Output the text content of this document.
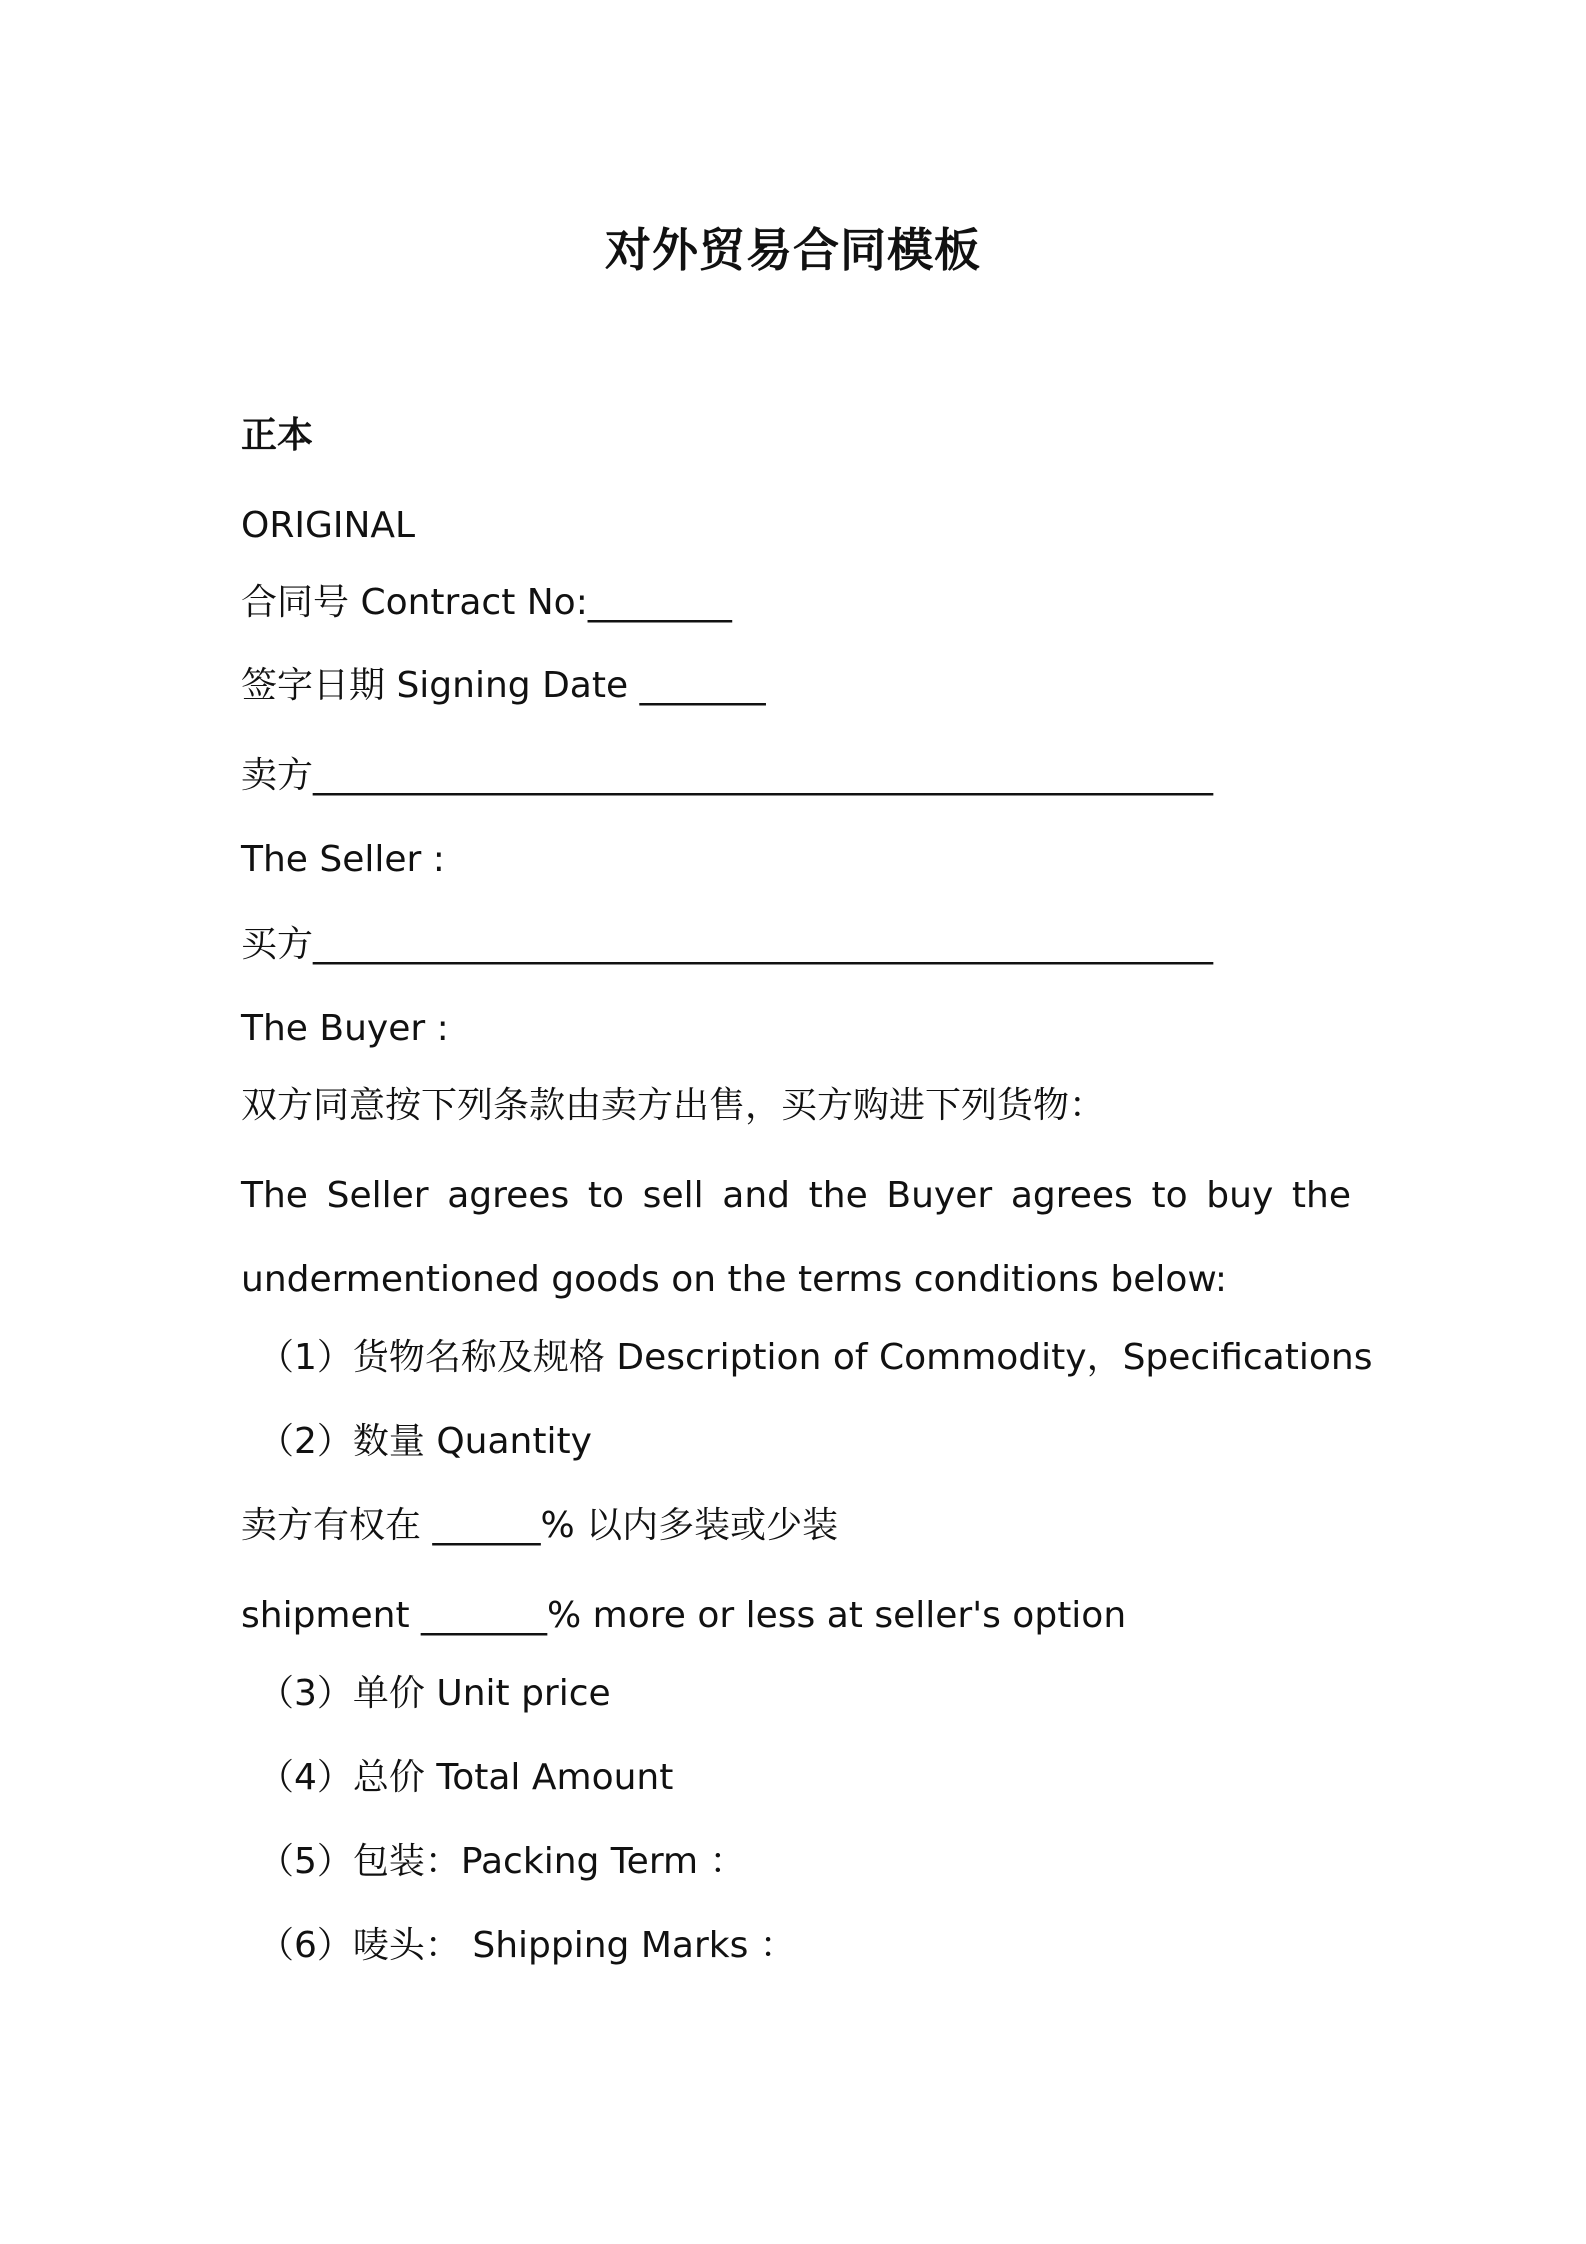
对外贸易合同模板
正本
ORIGINAL
合同号 Contract No:________
签字日期 Signing Date _______
卖方__________________________________________________
The Seller :
买方__________________________________________________
The Buyer :
双方同意按下列条款由卖方出售，买方购进下列货物：
The Seller agrees to sell and the Buyer agrees to buy the
undermentioned goods on the terms conditions below:
（1）货物名称及规格 Description of Commodity，Specifications
（2）数量 Quantity
卖方有权在 ______% 以内多装或少装
shipment _______% more or less at seller's option
（3）单价 Unit price
（4）总价 Total Amount
（5）包装：Packing Term ：
（6）唛头： Shipping Marks ：
